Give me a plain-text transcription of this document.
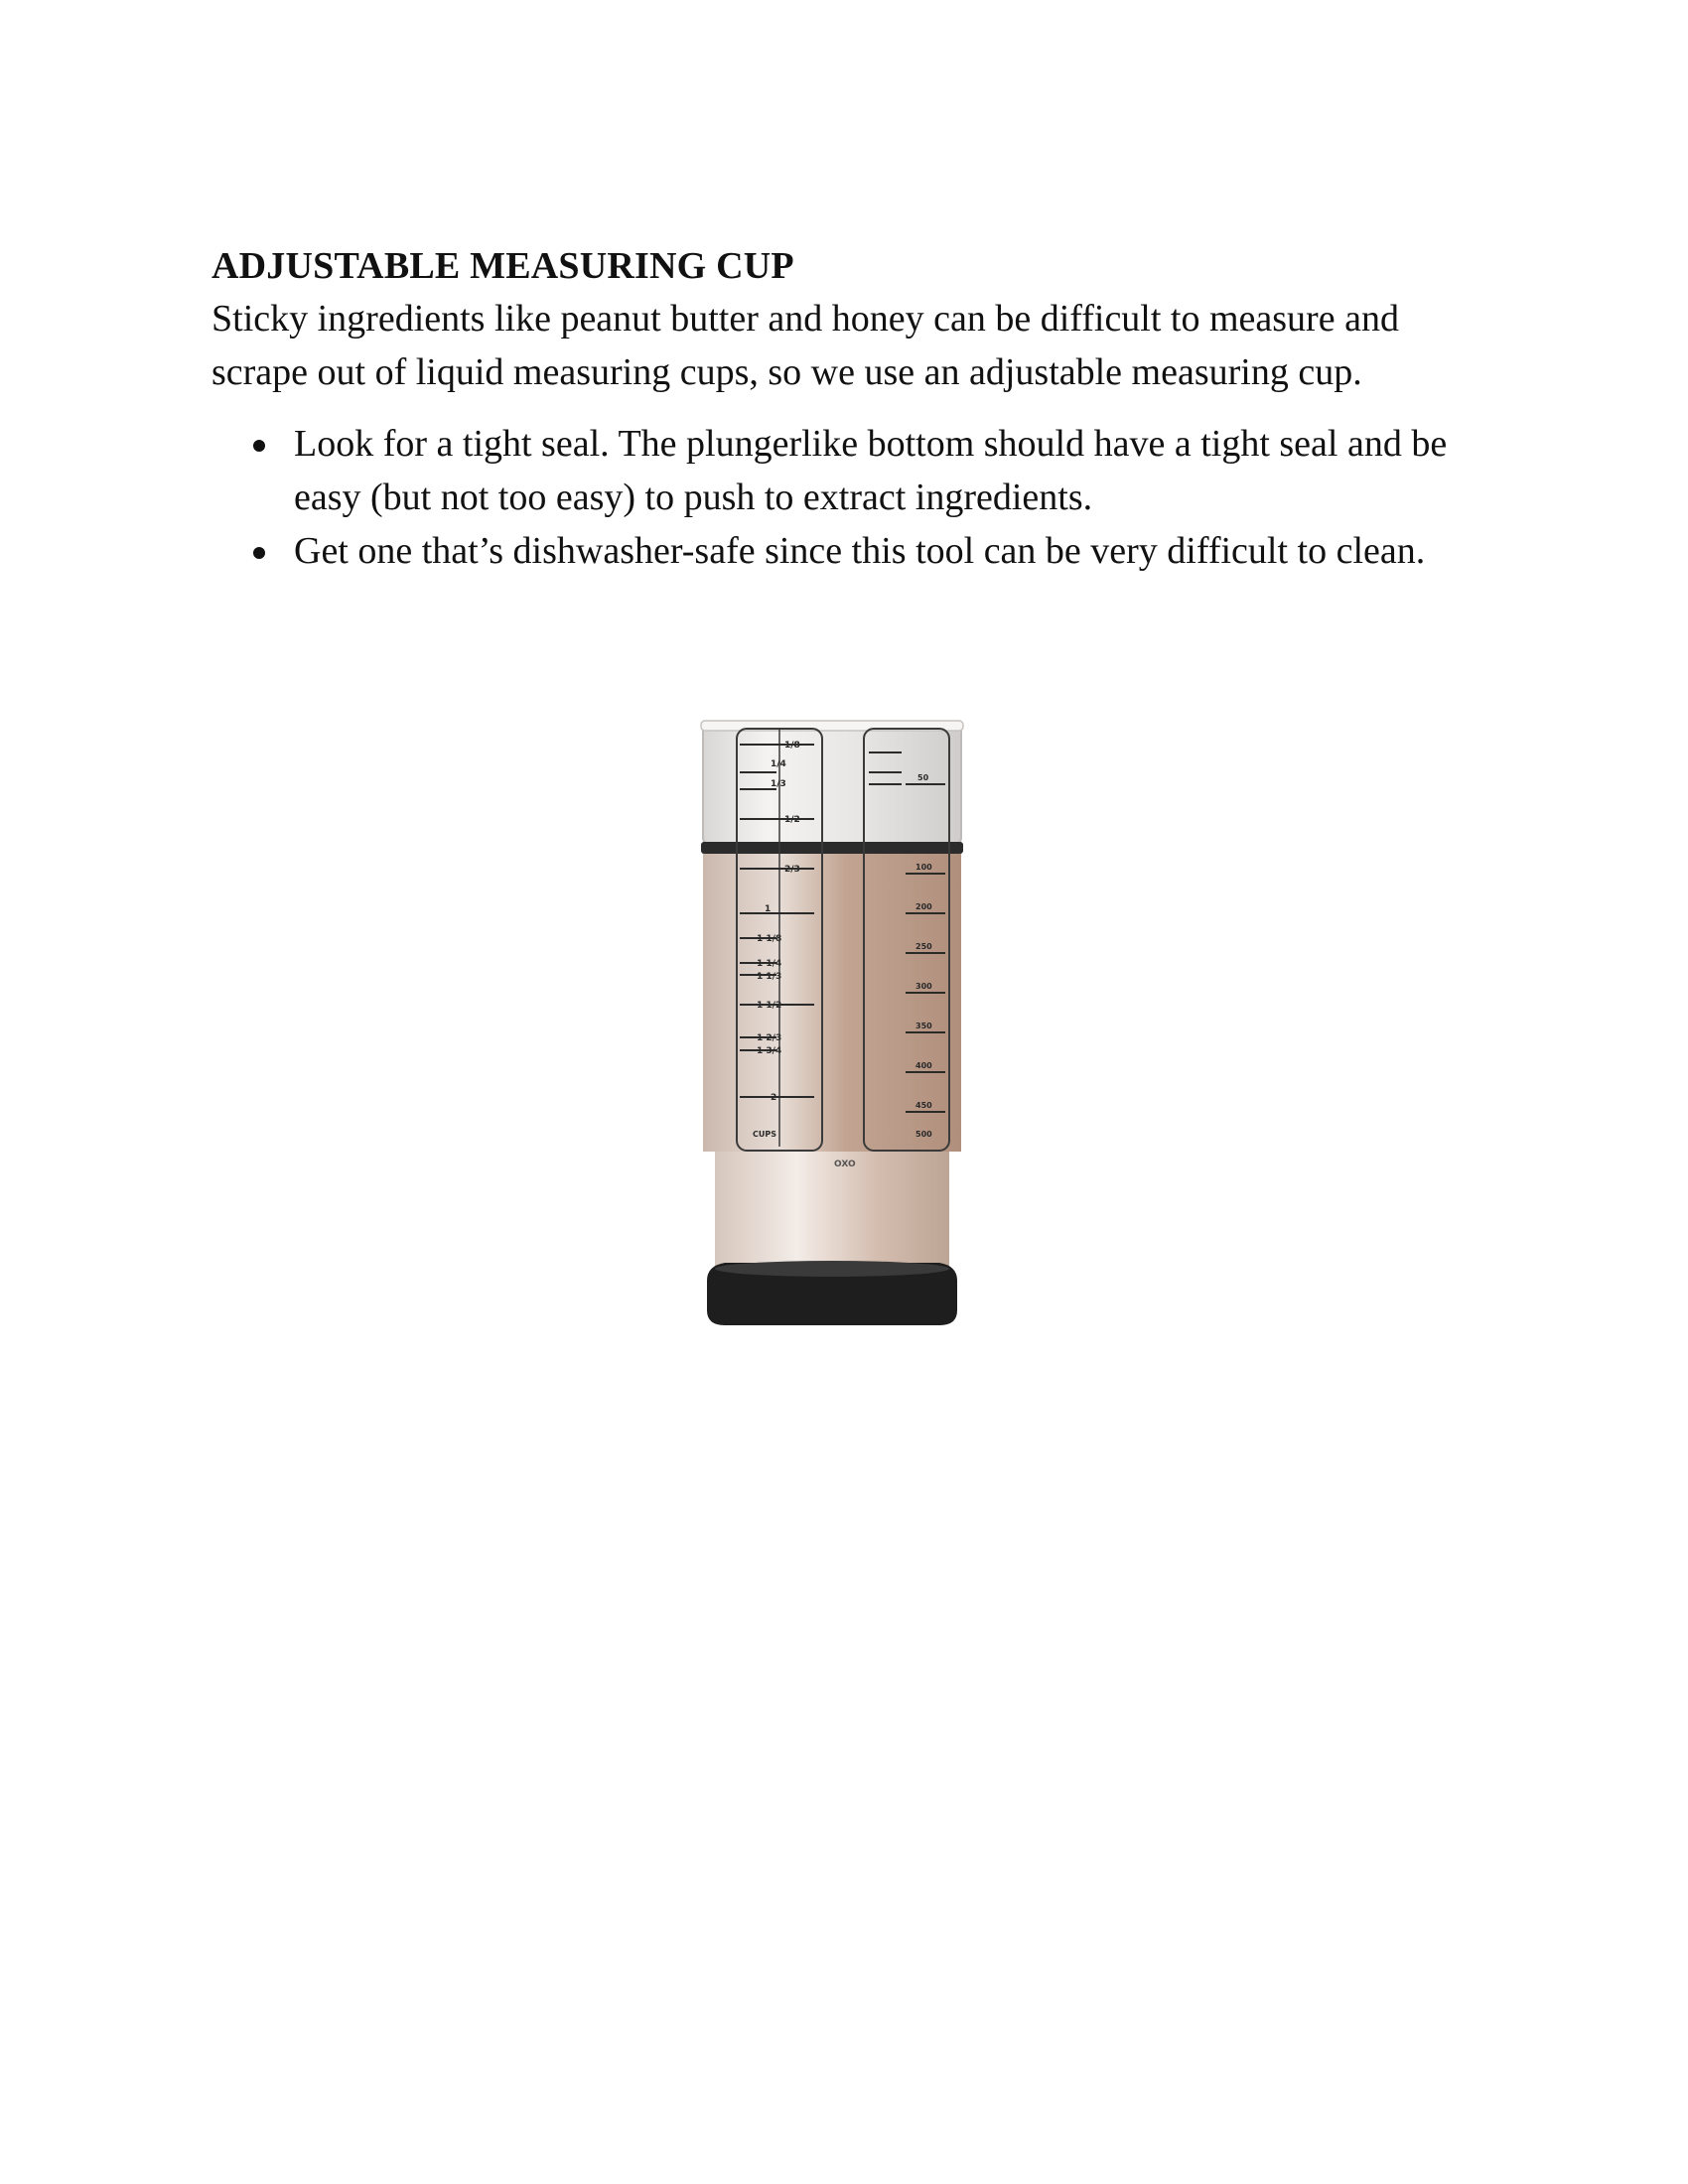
ADJUSTABLE MEASURING CUP

Sticky ingredients like peanut butter and honey can be difficult to measure and scrape out of liquid measuring cups, so we use an adjustable measuring cup.

Look for a tight seal. The plungerlike bottom should have a tight seal and be easy (but not too easy) to push to extract ingredients.
Get one that’s dishwasher-safe since this tool can be very difficult to clean.
1/8
1/4
1/3
1/2
2/3
1
1 1/8
1 1/4
1 1/3
1 1/2
1 2/3
1 3/4
2
CUPS
50
100
200
250
300
350
400
450
500
OXO
